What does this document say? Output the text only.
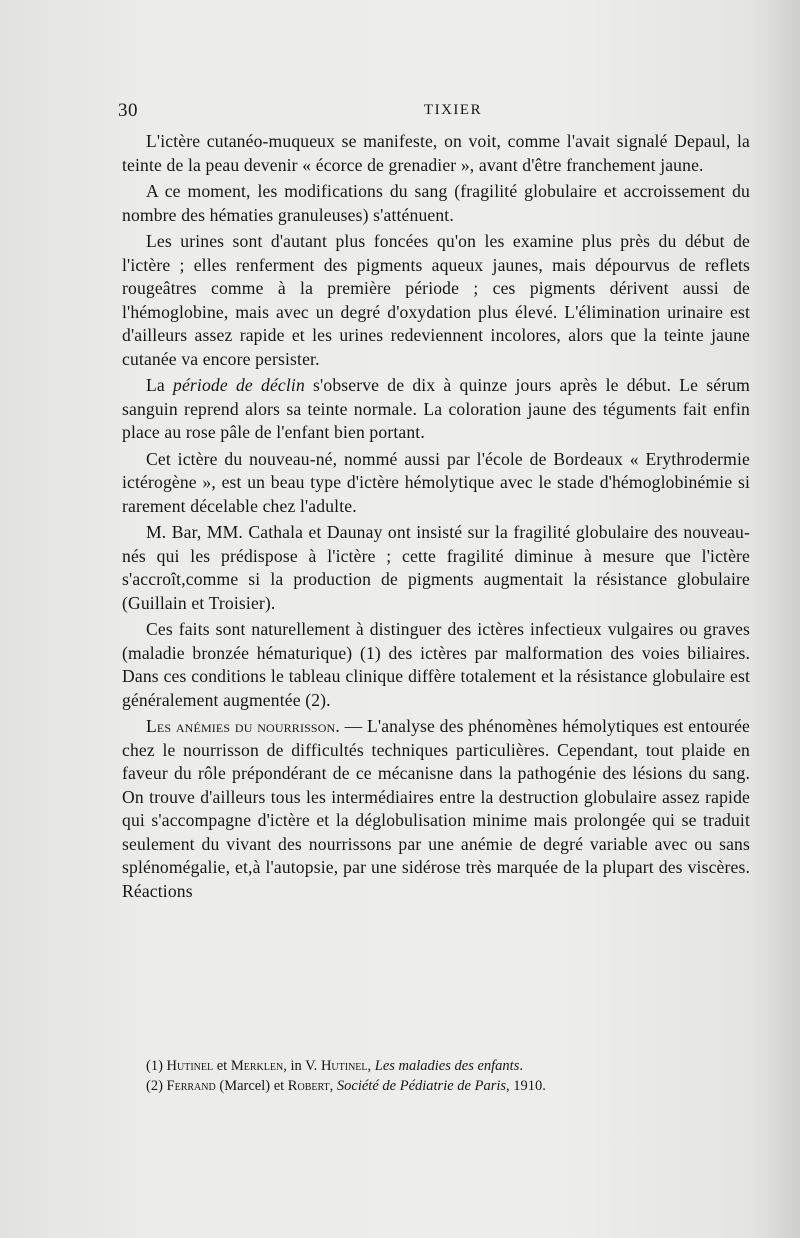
30	TIXIER

L'ictère cutanéo-muqueux se manifeste, on voit, comme l'avait signalé Depaul, la teinte de la peau devenir « écorce de grenadier », avant d'être franchement jaune.

A ce moment, les modifications du sang (fragilité globulaire et accroissement du nombre des hématies granuleuses) s'atténuent.

Les urines sont d'autant plus foncées qu'on les examine plus près du début de l'ictère ; elles renferment des pigments aqueux jaunes, mais dépourvus de reflets rougeâtres comme à la première période ; ces pigments dérivent aussi de l'hémoglobine, mais avec un degré d'oxydation plus élevé. L'élimination urinaire est d'ailleurs assez rapide et les urines redeviennent incolores, alors que la teinte jaune cutanée va encore persister.

La période de déclin s'observe de dix à quinze jours après le début. Le sérum sanguin reprend alors sa teinte normale. La coloration jaune des téguments fait enfin place au rose pâle de l'enfant bien portant.

Cet ictère du nouveau-né, nommé aussi par l'école de Bordeaux « Erythrodermie ictérogène », est un beau type d'ictère hémolytique avec le stade d'hémoglobinémie si rarement décelable chez l'adulte.

M. Bar, MM. Cathala et Daunay ont insisté sur la fragilité globulaire des nouveau-nés qui les prédispose à l'ictère ; cette fragilité diminue à mesure que l'ictère s'accroît,comme si la production de pigments augmentait la résistance globulaire (Guillain et Troisier).

Ces faits sont naturellement à distinguer des ictères infectieux vulgaires ou graves (maladie bronzée hématurique) (1) des ictères par malformation des voies biliaires. Dans ces conditions le tableau clinique diffère totalement et la résistance globulaire est généralement augmentée (2).

Les anémies du nourrisson. — L'analyse des phénomènes hémolytiques est entourée chez le nourrisson de difficultés techniques particulières. Cependant, tout plaide en faveur du rôle prépondérant de ce mécanisne dans la pathogénie des lésions du sang. On trouve d'ailleurs tous les intermédiaires entre la destruction globulaire assez rapide qui s'accompagne d'ictère et la déglobulisation minime mais prolongée qui se traduit seulement du vivant des nourrissons par une anémie de degré variable avec ou sans splénomégalie, et,à l'autopsie, par une sidérose très marquée de la plupart des viscères. Réactions

(1) Hutinel et Merklen, in V. Hutinel, Les maladies des enfants.

(2) Ferrand (Marcel) et Robert, Société de Pédiatrie de Paris, 1910.
